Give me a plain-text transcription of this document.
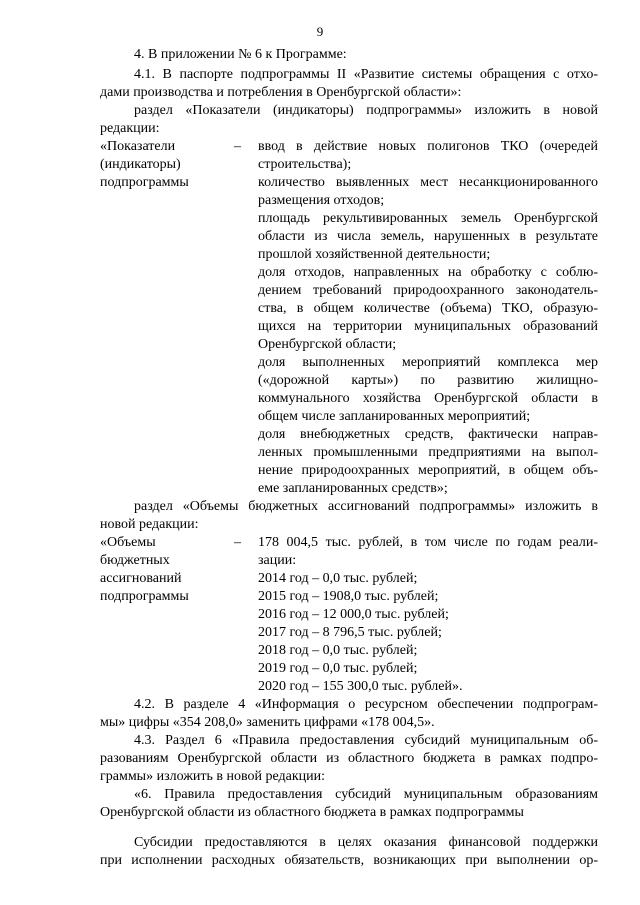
9
4. В приложении № 6 к Программе:
4.1. В паспорте подпрограммы II «Развитие системы обращения с отхо-
дами производства и потребления в Оренбургской области»:
раздел «Показатели (индикаторы) подпрограммы» изложить в новой
редакции:
«Показатели
(индикаторы)
подпрограммы
– ввод в действие новых полигонов ТКО (очередей
строительства);
количество выявленных мест несанкционированного
размещения отходов;
площадь рекультивированных земель Оренбургской
области из числа земель, нарушенных в результате
прошлой хозяйственной деятельности;
доля отходов, направленных на обработку с соблю-
дением требований природоохранного законодатель-
ства, в общем количестве (объема) ТКО, образую-
щихся на территории муниципальных образований
Оренбургской области;
доля выполненных мероприятий комплекса мер
(«дорожной карты») по развитию жилищно-
коммунального хозяйства Оренбургской области в
общем числе запланированных мероприятий;
доля внебюджетных средств, фактически направ-
ленных промышленными предприятиями на выпол-
нение природоохранных мероприятий, в общем объ-
еме запланированных средств»;
раздел «Объемы бюджетных ассигнований подпрограммы» изложить в
новой редакции:
«Объемы
бюджетных
ассигнований
подпрограммы
– 178 004,5 тыс. рублей, в том числе по годам реали-
зации:
2014 год – 0,0 тыс. рублей;
2015 год – 1908,0 тыс. рублей;
2016 год – 12 000,0 тыс. рублей;
2017 год – 8 796,5 тыс. рублей;
2018 год – 0,0 тыс. рублей;
2019 год – 0,0 тыс. рублей;
2020 год – 155 300,0 тыс. рублей».
4.2. В разделе 4 «Информация о ресурсном обеспечении подпрограм-
мы» цифры «354 208,0» заменить цифрами «178 004,5».
4.3. Раздел 6 «Правила предоставления субсидий муниципальным об-
разованиям Оренбургской области из областного бюджета в рамках подпро-
граммы» изложить в новой редакции:
«6. Правила предоставления субсидий муниципальным образованиям
Оренбургской области из областного бюджета в рамках подпрограммы
Субсидии предоставляются в целях оказания финансовой поддержки
при исполнении расходных обязательств, возникающих при выполнении ор-
